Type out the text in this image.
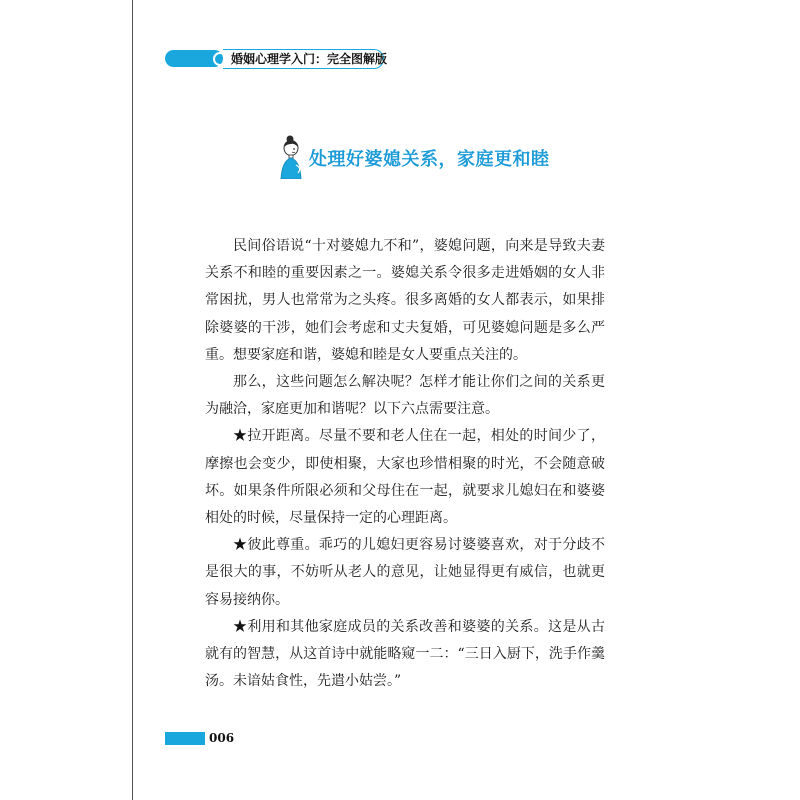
婚姻心理学入门：完全图解版
处理好婆媳关系，家庭更和睦

民间俗语说“十对婆媳九不和”，婆媳问题，向来是导致夫妻关系不和睦的重要因素之一。婆媳关系令很多走进婚姻的女人非常困扰，男人也常常为之头疼。很多离婚的女人都表示，如果排除婆婆的干涉，她们会考虑和丈夫复婚，可见婆媳问题是多么严重。想要家庭和谐，婆媳和睦是女人要重点关注的。

那么，这些问题怎么解决呢？怎样才能让你们之间的关系更为融洽，家庭更加和谐呢？以下六点需要注意。

★拉开距离。尽量不要和老人住在一起，相处的时间少了，摩擦也会变少，即使相聚，大家也珍惜相聚的时光，不会随意破坏。如果条件所限必须和父母住在一起，就要求儿媳妇在和婆婆相处的时候，尽量保持一定的心理距离。

★彼此尊重。乖巧的儿媳妇更容易讨婆婆喜欢，对于分歧不是很大的事，不妨听从老人的意见，让她显得更有威信，也就更容易接纳你。

★利用和其他家庭成员的关系改善和婆婆的关系。这是从古就有的智慧，从这首诗中就能略窥一二：“三日入厨下，洗手作羹汤。未谙姑食性，先遣小姑尝。”

006
